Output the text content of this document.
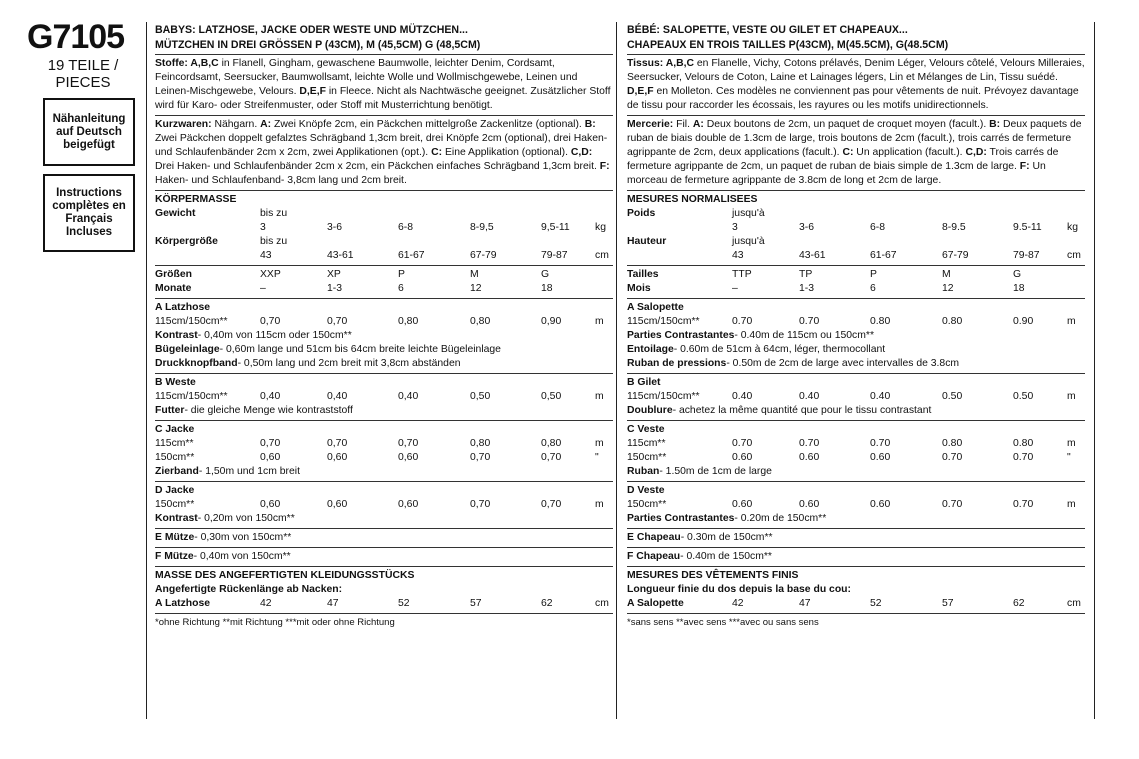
G7105
19 TEILE / PIECES
Nähanleitung auf Deutsch beigefügt
Instructions complètes en Français Incluses
BABYS: LATZHOSE, JACKE ODER WESTE UND MÜTZCHEN...
MÜTZCHEN IN DREI GRÖSSEN P (43CM), M (45,5CM) G (48,5CM)
Stoffe: A,B,C in Flanell, Gingham, gewaschene Baumwolle, leichter Denim, Cordsamt, Feincordsamt, Seersucker, Baumwollsamt, leichte Wolle und Wollmischgewebe, Leinen und Leinen-Mischgewebe, Velours. D,E,F in Fleece. Nicht als Nachtwäsche geeignet. Zusätzlicher Stoff wird für Karo- oder Streifenmuster, oder Stoff mit Musterrichtung benötigt.
Kurzwaren: Nähgarn. A: Zwei Knöpfe 2cm, ein Päckchen mittelgroße Zackenlitze (optional). B: Zwei Päckchen doppelt gefalztes Schrägband 1,3cm breit, drei Knöpfe 2cm (optional), drei Haken- und Schlaufenbänder 2cm x 2cm, zwei Applikationen (opt.). C: Eine Applikation (optional). C,D: Drei Haken- und Schlaufenbänder 2cm x 2cm, ein Päckchen einfaches Schrägband 1,3cm breit. F: Haken- und Schlaufenband- 3,8cm lang und 2cm breit.
KÖRPERMASSE
Gewicht	bis zu
3	3-6	6-8	8-9,5	9,5-11 kg
Körpergröße	bis zu
43	43-61	61-67	67-79	79-87	cm
Größen	XXP	XP	P	M	G
Monate	–	1-3	6	12	18
A Latzhose
115cm/150cm**	0,70	0,70	0,80	0,80	0,90	m
Kontrast- 0,40m von 115cm oder 150cm**
Bügeleinlage- 0,60m lange und 51cm bis 64cm breite leichte Bügeleinlage
Druckknopfband- 0,50m lang und 2cm breit mit 3,8cm abständen
B Weste
115cm/150cm**	0,40	0,40	0,40	0,50	0,50	m
Futter- die gleiche Menge wie kontraststoff
C Jacke
115cm**	0,70	0,70	0,70	0,80	0,80	m
150cm**	0,60	0,60	0,60	0,70	0,70	"
Zierband- 1,50m und 1cm breit
D Jacke
150cm**	0,60	0,60	0,60	0,70	0,70	m
Kontrast- 0,20m von 150cm**
E Mütze- 0,30m von 150cm**
F Mütze- 0,40m von 150cm**
MASSE DES ANGEFERTIGTEN KLEIDUNGSSTÜCKS
Angefertigte Rückenlänge ab Nacken:
A Latzhose	42	47	52	57	62	cm
*ohne Richtung **mit Richtung ***mit oder ohne Richtung
BÉBÉ: SALOPETTE, VESTE OU GILET ET CHAPEAUX...
CHAPEAUX EN TROIS TAILLES P(43CM), M(45.5CM), G(48.5CM)
Tissus: A,B,C en Flanelle, Vichy, Cotons prélavés, Denim Léger, Velours côtelé, Velours Milleraies, Seersucker, Velours de Coton, Laine et Lainages légers, Lin et Mélanges de Lin, Tissu suédé. D,E,F en Molleton. Ces modèles ne conviennent pas pour vêtements de nuit. Prévoyez davantage de tissu pour raccorder les écossais, les rayures ou les motifs unidirectionnels.
Mercerie: Fil. A: Deux boutons de 2cm, un paquet de croquet moyen (facult.). B: Deux paquets de ruban de biais double de 1.3cm de large, trois boutons de 2cm (facult.), trois carrés de fermeture agrippante de 2cm, deux applications (facult.). C: Un application (facult.). C,D: Trois carrés de fermeture agrippante de 2cm, un paquet de ruban de biais simple de 1.3cm de large. F: Un morceau de fermeture agrippante de 3.8cm de long et 2cm de large.
MESURES NORMALISEES
Poids	jusqu'à
3	3-6	6-8	8-9.5	9.5-11 kg
Hauteur	jusqu'à
43	43-61	61-67	67-79	79-87	cm
Tailles	TTP	TP	P	M	G
Mois	–	1-3	6	12	18
A Salopette
115cm/150cm**	0.70	0.70	0.80	0.80	0.90	m
Parties Contrastantes- 0.40m de 115cm ou 150cm**
Entoilage- 0.60m de 51cm à 64cm, léger, thermocollant
Ruban de pressions- 0.50m de 2cm de large avec intervalles de 3.8cm
B Gilet
115cm/150cm**	0.40	0.40	0.40	0.50	0.50	m
Doublure- achetez la même quantité que pour le tissu contrastant
C Veste
115cm**	0.70	0.70	0.70	0.80	0.80	m
150cm**	0.60	0.60	0.60	0.70	0.70	"
Ruban- 1.50m de 1cm de large
D Veste
150cm**	0.60	0.60	0.60	0.70	0.70	m
Parties Contrastantes- 0.20m de 150cm**
E Chapeau- 0.30m de 150cm**
F Chapeau- 0.40m de 150cm**
MESURES DES VÊTEMENTS FINIS
Longueur finie du dos depuis la base du cou:
A Salopette	42	47	52	57	62	cm
*sans sens **avec sens ***avec ou sans sens
